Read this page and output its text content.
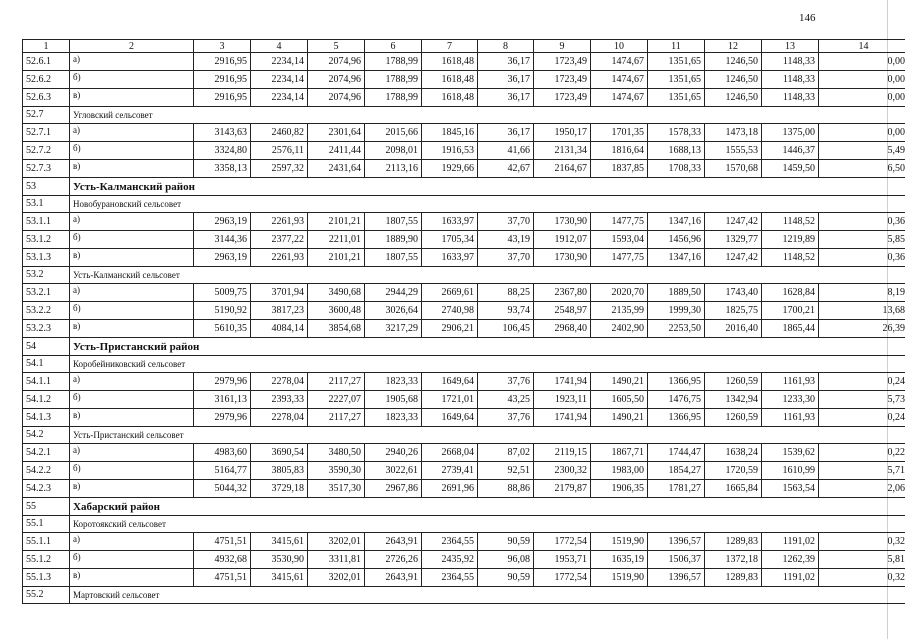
146
1	2	3	4	5	6	7	8	9	10	11	12	13	14
52.6.1	а)	2916,95	2234,14	2074,96	1788,99	1618,48	36,17	1723,49	1474,67	1351,65	1246,50	1148,33	0,00
52.6.2	б)	2916,95	2234,14	2074,96	1788,99	1618,48	36,17	1723,49	1474,67	1351,65	1246,50	1148,33	0,00
52.6.3	в)	2916,95	2234,14	2074,96	1788,99	1618,48	36,17	1723,49	1474,67	1351,65	1246,50	1148,33	0,00
52.7	Угловский сельсовет												
52.7.1	а)	3143,63	2460,82	2301,64	2015,66	1845,16	36,17	1950,17	1701,35	1578,33	1473,18	1375,00	0,00
52.7.2	б)	3324,80	2576,11	2411,44	2098,01	1916,53	41,66	2131,34	1816,64	1688,13	1555,53	1446,37	5,49
52.7.3	в)	3358,13	2597,32	2431,64	2113,16	1929,66	42,67	2164,67	1837,85	1708,33	1570,68	1459,50	6,50
53	Усть-Калманский район												
53.1	Новобурановский сельсовет												
53.1.1	а)	2963,19	2261,93	2101,21	1807,55	1633,97	37,70	1730,90	1477,75	1347,16	1247,42	1148,52	0,36
53.1.2	б)	3144,36	2377,22	2211,01	1889,90	1705,34	43,19	1912,07	1593,04	1456,96	1329,77	1219,89	5,85
53.1.3	в)	2963,19	2261,93	2101,21	1807,55	1633,97	37,70	1730,90	1477,75	1347,16	1247,42	1148,52	0,36
53.2	Усть-Калманский сельсовет												
53.2.1	а)	5009,75	3701,94	3490,68	2944,29	2669,61	88,25	2367,80	2020,70	1889,50	1743,40	1628,84	8,19
53.2.2	б)	5190,92	3817,23	3600,48	3026,64	2740,98	93,74	2548,97	2135,99	1999,30	1825,75	1700,21	13,68
53.2.3	в)	5610,35	4084,14	3854,68	3217,29	2906,21	106,45	2968,40	2402,90	2253,50	2016,40	1865,44	26,39
54	Усть-Пристанский район												
54.1	Коробейниковский сельсовет												
54.1.1	а)	2979,96	2278,04	2117,27	1823,33	1649,64	37,76	1741,94	1490,21	1366,95	1260,59	1161,93	0,24
54.1.2	б)	3161,13	2393,33	2227,07	1905,68	1721,01	43,25	1923,11	1605,50	1476,75	1342,94	1233,30	5,73
54.1.3	в)	2979,96	2278,04	2117,27	1823,33	1649,64	37,76	1741,94	1490,21	1366,95	1260,59	1161,93	0,24
54.2	Усть-Пристанский сельсовет												
54.2.1	а)	4983,60	3690,54	3480,50	2940,26	2668,04	87,02	2119,15	1867,71	1744,47	1638,24	1539,62	0,22
54.2.2	б)	5164,77	3805,83	3590,30	3022,61	2739,41	92,51	2300,32	1983,00	1854,27	1720,59	1610,99	5,71
54.2.3	в)	5044,32	3729,18	3517,30	2967,86	2691,96	88,86	2179,87	1906,35	1781,27	1665,84	1563,54	2,06
55	Хабарский район												
55.1	Коротоякский сельсовет												
55.1.1	а)	4751,51	3415,61	3202,01	2643,91	2364,55	90,59	1772,54	1519,90	1396,57	1289,83	1191,02	0,32
55.1.2	б)	4932,68	3530,90	3311,81	2726,26	2435,92	96,08	1953,71	1635,19	1506,37	1372,18	1262,39	5,81
55.1.3	в)	4751,51	3415,61	3202,01	2643,91	2364,55	90,59	1772,54	1519,90	1396,57	1289,83	1191,02	0,32
55.2	Мартовский сельсовет												
